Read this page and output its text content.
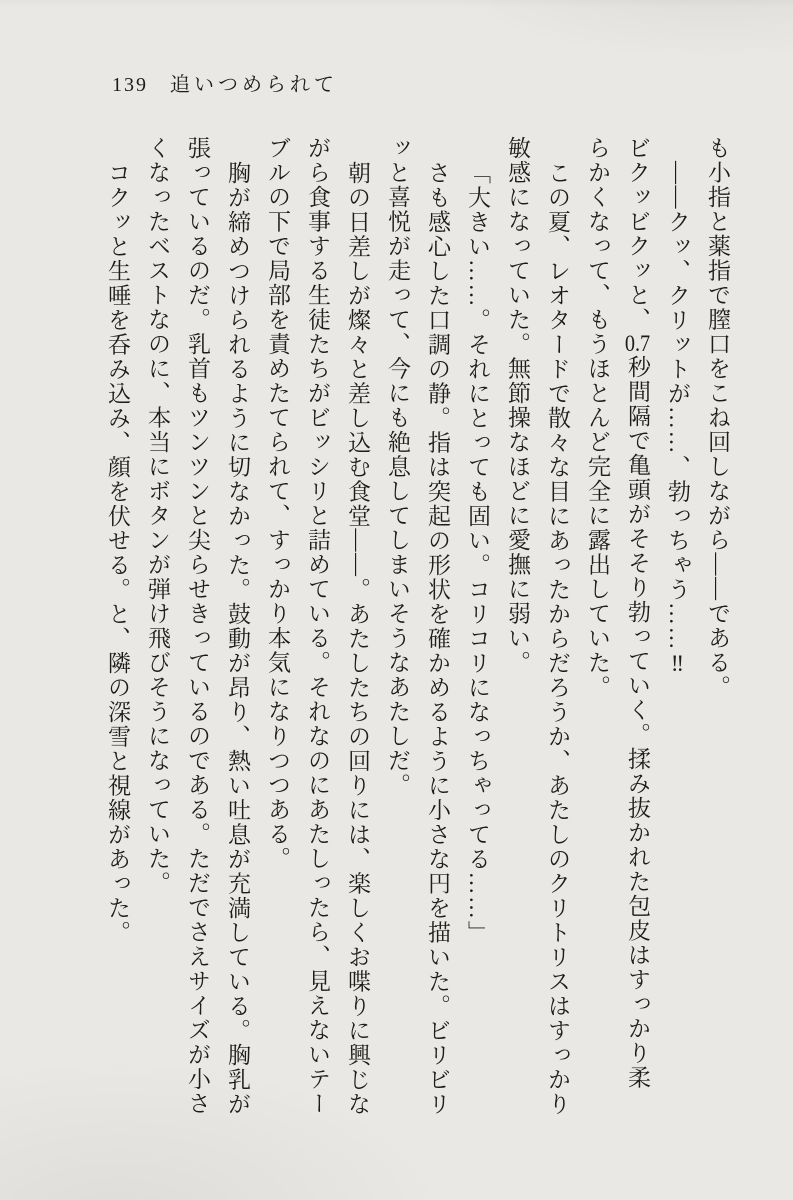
139 追いつめられて

も小指と薬指で膣口をこね回しながら――である。

――クッ、クリットが……、勃っちゃう……‼

ビクッビクッと、0.7秒間隔で亀頭がそそり勃っていく。揉み抜かれた包皮はすっかり柔

らかくなって、もうほとんど完全に露出していた。

この夏、レオタードで散々な目にあったからだろうか、あたしのクリトリスはすっかり

敏感になっていた。無節操なほどに愛撫に弱い。

「大きい……。それにとっても固い。コリコリになっちゃってる……」

さも感心した口調の静。指は突起の形状を確かめるように小さな円を描いた。ビリビリ

ッと喜悦が走って、今にも絶息してしまいそうなあたしだ。

朝の日差しが燦々と差し込む食堂――。あたしたちの回りには、楽しくお喋りに興じな

がら食事する生徒たちがビッシリと詰めている。それなのにあたしったら、見えないテー

ブルの下で局部を責めたてられて、すっかり本気になりつつある。

胸が締めつけられるように切なかった。鼓動が昂り、熱い吐息が充満している。胸乳が

張っているのだ。乳首もツンツンと尖らせきっているのである。ただでさえサイズが小さ

くなったベストなのに、本当にボタンが弾け飛びそうになっていた。

コクッと生唾を呑み込み、顔を伏せる。と、隣の深雪と視線があった。
